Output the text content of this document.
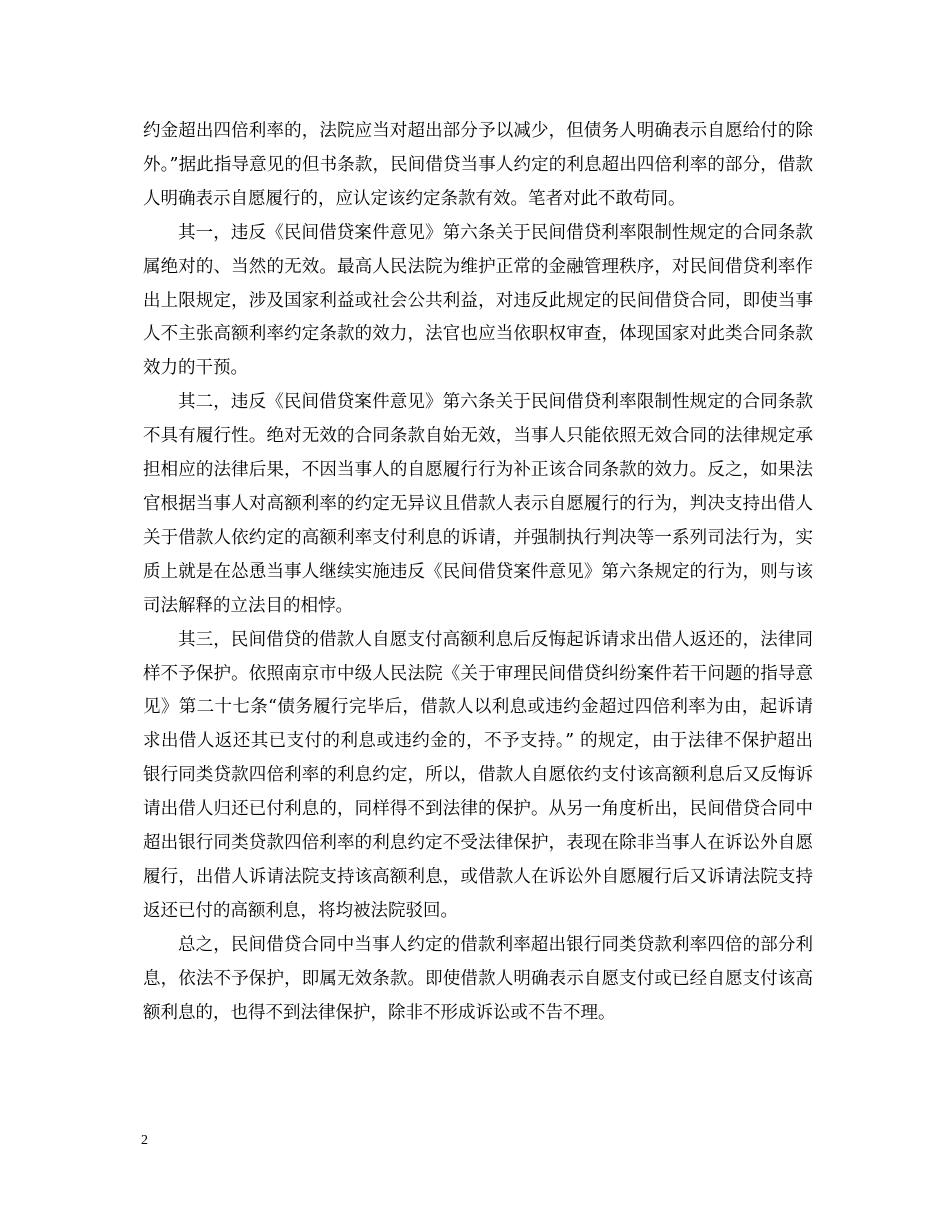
约金超出四倍利率的，法院应当对超出部分予以减少，但债务人明确表示自愿给付的除外。”据此指导意见的但书条款，民间借贷当事人约定的利息超出四倍利率的部分，借款人明确表示自愿履行的，应认定该约定条款有效。笔者对此不敢苟同。

其一，违反《民间借贷案件意见》第六条关于民间借贷利率限制性规定的合同条款属绝对的、当然的无效。最高人民法院为维护正常的金融管理秩序，对民间借贷利率作出上限规定，涉及国家利益或社会公共利益，对违反此规定的民间借贷合同，即使当事人不主张高额利率约定条款的效力，法官也应当依职权审查，体现国家对此类合同条款效力的干预。

其二，违反《民间借贷案件意见》第六条关于民间借贷利率限制性规定的合同条款不具有履行性。绝对无效的合同条款自始无效，当事人只能依照无效合同的法律规定承担相应的法律后果，不因当事人的自愿履行行为补正该合同条款的效力。反之，如果法官根据当事人对高额利率的约定无异议且借款人表示自愿履行的行为，判决支持出借人关于借款人依约定的高额利率支付利息的诉请，并强制执行判决等一系列司法行为，实质上就是在怂恿当事人继续实施违反《民间借贷案件意见》第六条规定的行为，则与该司法解释的立法目的相悖。

其三，民间借贷的借款人自愿支付高额利息后反悔起诉请求出借人返还的，法律同样不予保护。依照南京市中级人民法院《关于审理民间借贷纠纷案件若干问题的指导意见》第二十七条“债务履行完毕后，借款人以利息或违约金超过四倍利率为由，起诉请求出借人返还其已支付的利息或违约金的，不予支持。” 的规定，由于法律不保护超出银行同类贷款四倍利率的利息约定，所以，借款人自愿依约支付该高额利息后又反悔诉请出借人归还已付利息的，同样得不到法律的保护。从另一角度析出，民间借贷合同中超出银行同类贷款四倍利率的利息约定不受法律保护，表现在除非当事人在诉讼外自愿履行，出借人诉请法院支持该高额利息，或借款人在诉讼外自愿履行后又诉请法院支持返还已付的高额利息，将均被法院驳回。

总之，民间借贷合同中当事人约定的借款利率超出银行同类贷款利率四倍的部分利息，依法不予保护，即属无效条款。即使借款人明确表示自愿支付或已经自愿支付该高额利息的，也得不到法律保护，除非不形成诉讼或不告不理。

2
